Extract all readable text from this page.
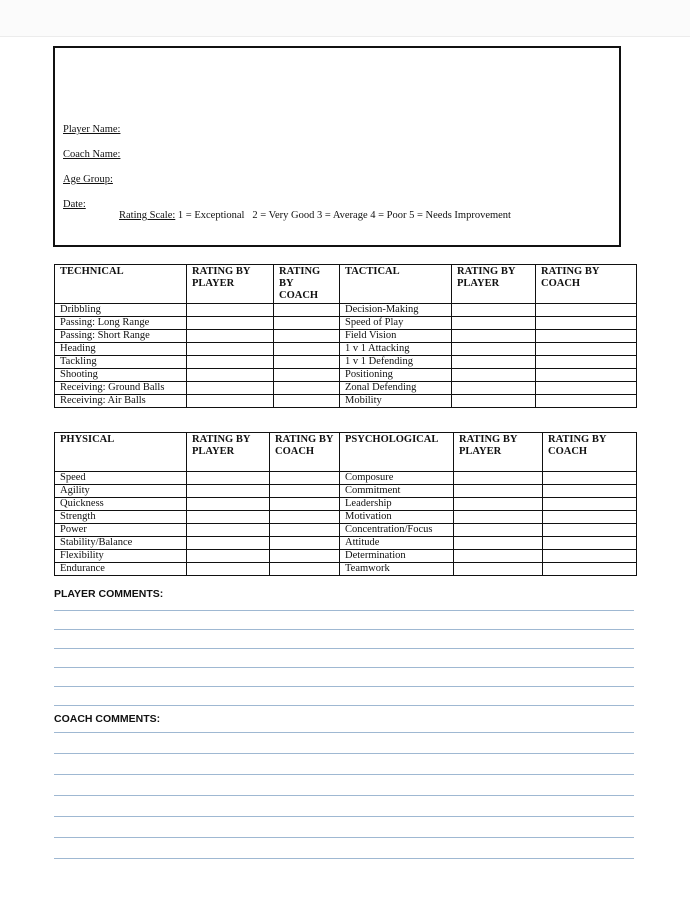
Player Name:
Coach Name:
Age Group:
Date:
Rating Scale: 1 = Exceptional   2 = Very Good 3 = Average 4 = Poor 5 = Needs Improvement
TECHNICAL	RATING BY PLAYER	RATING BY COACH	TACTICAL	RATING BY PLAYER	RATING BY COACH
Dribbling			Decision-Making		
Passing: Long Range			Speed of Play		
Passing: Short Range			Field Vision		
Heading			1 v 1 Attacking		
Tackling			1 v 1 Defending		
Shooting			Positioning		
Receiving: Ground Balls			Zonal Defending		
Receiving: Air Balls			Mobility		
PHYSICAL	RATING BY PLAYER	RATING BY COACH	PSYCHOLOGICAL	RATING BY PLAYER	RATING BY COACH
Speed			Composure		
Agility			Commitment		
Quickness			Leadership		
Strength			Motivation		
Power			Concentration/Focus		
Stability/Balance			Attitude		
Flexibility			Determination		
Endurance			Teamwork		
PLAYER COMMENTS:
COACH COMMENTS:
